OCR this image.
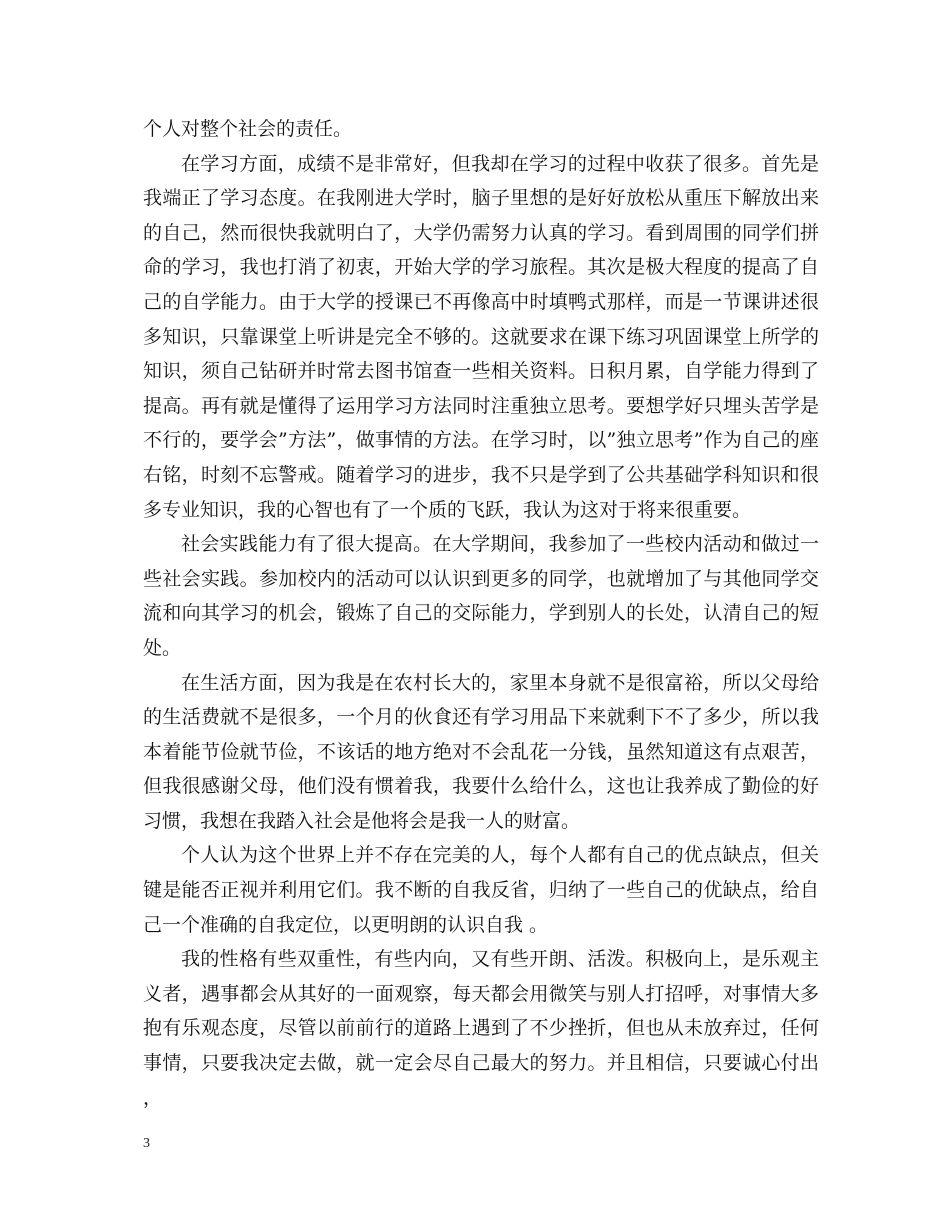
个人对整个社会的责任。

在学习方面，成绩不是非常好，但我却在学习的过程中收获了很多。首先是我端正了学习态度。在我刚进大学时，脑子里想的是好好放松从重压下解放出来的自己，然而很快我就明白了，大学仍需努力认真的学习。看到周围的同学们拼命的学习，我也打消了初衷，开始大学的学习旅程。其次是极大程度的提高了自己的自学能力。由于大学的授课已不再像高中时填鸭式那样，而是一节课讲述很多知识，只靠课堂上听讲是完全不够的。这就要求在课下练习巩固课堂上所学的知识，须自己钻研并时常去图书馆查一些相关资料。日积月累，自学能力得到了提高。再有就是懂得了运用学习方法同时注重独立思考。要想学好只埋头苦学是不行的，要学会”方法”，做事情的方法。在学习时，以”独立思考”作为自己的座右铭，时刻不忘警戒。随着学习的进步，我不只是学到了公共基础学科知识和很多专业知识，我的心智也有了一个质的飞跃，我认为这对于将来很重要。

社会实践能力有了很大提高。在大学期间，我参加了一些校内活动和做过一些社会实践。参加校内的活动可以认识到更多的同学，也就增加了与其他同学交流和向其学习的机会，锻炼了自己的交际能力，学到别人的长处，认清自己的短处。

在生活方面，因为我是在农村长大的，家里本身就不是很富裕，所以父母给的生活费就不是很多，一个月的伙食还有学习用品下来就剩下不了多少，所以我本着能节俭就节俭，不该话的地方绝对不会乱花一分钱，虽然知道这有点艰苦，但我很感谢父母，他们没有惯着我，我要什么给什么，这也让我养成了勤俭的好习惯，我想在我踏入社会是他将会是我一人的财富。

个人认为这个世界上并不存在完美的人，每个人都有自己的优点缺点，但关键是能否正视并利用它们。我不断的自我反省，归纳了一些自己的优缺点，给自己一个准确的自我定位，以更明朗的认识自我 。

我的性格有些双重性，有些内向，又有些开朗、活泼。积极向上，是乐观主义者，遇事都会从其好的一面观察，每天都会用微笑与别人打招呼，对事情大多抱有乐观态度，尽管以前前行的道路上遇到了不少挫折，但也从未放弃过，任何事情，只要我决定去做，就一定会尽自己最大的努力。并且相信，只要诚心付出，

3
